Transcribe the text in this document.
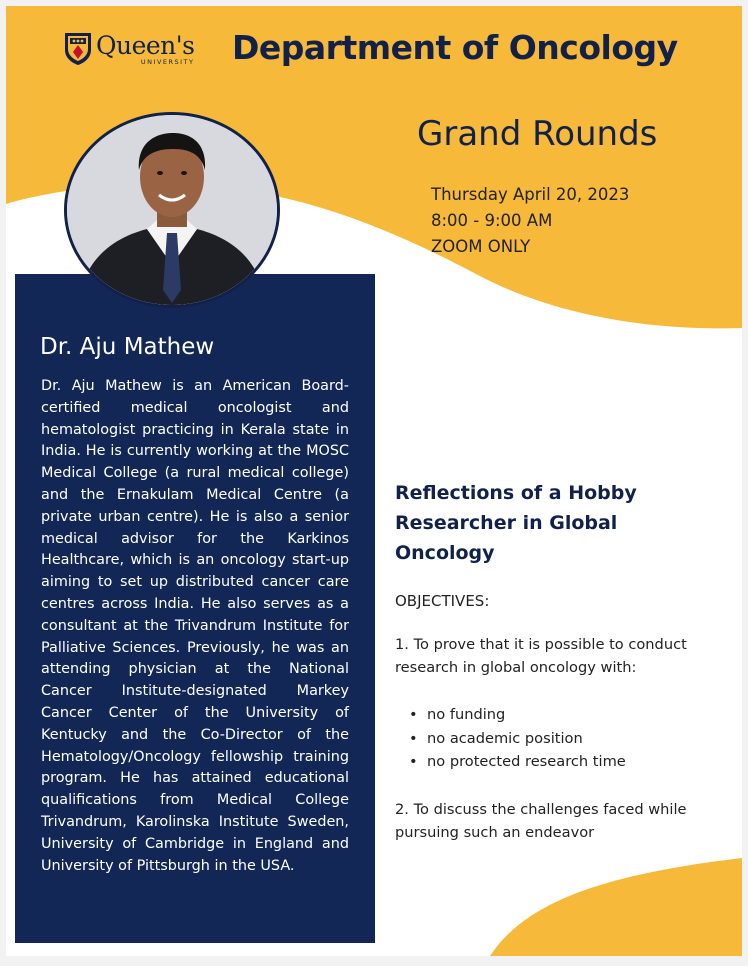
Queen's
UNIVERSITY Department of Oncology
Grand Rounds
Thursday April 20, 2023
8:00 - 9:00 AM
ZOOM ONLY
Dr. Aju Mathew
Dr. Aju Mathew is an American Board-certified medical oncologist and hematologist practicing in Kerala state in India. He is currently working at the MOSC Medical College (a rural medical college) and the Ernakulam Medical Centre (a private urban centre). He is also a senior medical advisor for the Karkinos Healthcare, which is an oncology start-up aiming to set up distributed cancer care centres across India. He also serves as a consultant at the Trivandrum Institute for Palliative Sciences. Previously, he was an attending physician at the National Cancer Institute-designated Markey Cancer Center of the University of Kentucky and the Co-Director of the Hematology/Oncology fellowship training program. He has attained educational qualifications from Medical College Trivandrum, Karolinska Institute Sweden, University of Cambridge in England and University of Pittsburgh in the USA.
Reflections of a Hobby Researcher in Global Oncology
OBJECTIVES:
1. To prove that it is possible to conduct research in global oncology with:
• no funding
• no academic position
• no protected research time
2. To discuss the challenges faced while pursuing such an endeavor
